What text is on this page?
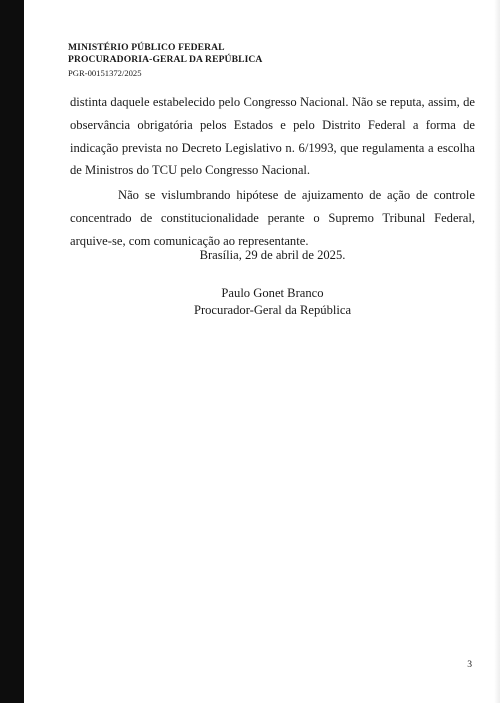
MINISTÉRIO PÚBLICO FEDERAL
PROCURADORIA-GERAL DA REPÚBLICA
PGR-00151372/2025

distinta daquele estabelecido pelo Congresso Nacional. Não se reputa, assim, de observância obrigatória pelos Estados e pelo Distrito Federal a forma de indicação prevista no Decreto Legislativo n. 6/1993, que regulamenta a escolha de Ministros do TCU pelo Congresso Nacional.

Não se vislumbrando hipótese de ajuizamento de ação de controle concentrado de constitucionalidade perante o Supremo Tribunal Federal, arquive-se, com comunicação ao representante.

Brasília, 29 de abril de 2025.
Paulo Gonet Branco
Procurador-Geral da República
3
